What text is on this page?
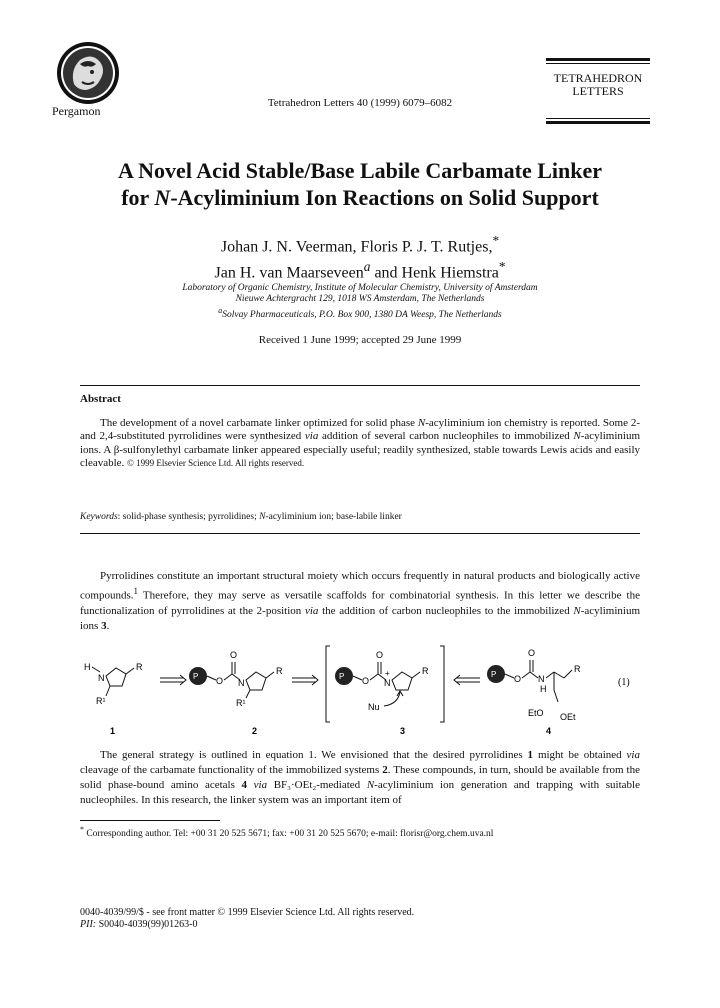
Pergamon
Tetrahedron Letters 40 (1999) 6079–6082
TETRAHEDRON
LETTERS
A Novel Acid Stable/Base Labile Carbamate Linker
for N-Acyliminium Ion Reactions on Solid Support
Johan J. N. Veerman, Floris P. J. T. Rutjes,*
Jan H. van Maarseveen$^a$ and Henk Hiemstra*
Laboratory of Organic Chemistry, Institute of Molecular Chemistry, University of Amsterdam
Nieuwe Achtergracht 129, 1018 WS Amsterdam, The Netherlands
$^a$Solvay Pharmaceuticals, P.O. Box 900, 1380 DA Weesp, The Netherlands
Received 1 June 1999; accepted 29 June 1999
Abstract
The development of a novel carbamate linker optimized for solid phase N-acyliminium ion chemistry is reported. Some 2- and 2,4-substituted pyrrolidines were synthesized via addition of several carbon nucleophiles to immobilized N-acyliminium ions. A β-sulfonylethyl carbamate linker appeared especially useful; readily synthesized, stable towards Lewis acids and easily cleavable. © 1999 Elsevier Science Ltd. All rights reserved.
Keywords: solid-phase synthesis; pyrrolidines; N-acyliminium ion; base-labile linker
Pyrrolidines constitute an important structural moiety which occurs frequently in natural products and biologically active compounds.$^1$ Therefore, they may serve as versatile scaffolds for combinatorial synthesis. In this letter we describe the functionalization of pyrrolidines at the 2-position via the addition of carbon nucleophiles to the immobilized N-acyliminium ions 3.
H
N
R
R¹
1
P O
O
N
R
R¹
2
P O
O
+
N
R
Nu
3
P O
O
N
H
R
EtO OEt
4
(1)
The general strategy is outlined in equation 1. We envisioned that the desired pyrrolidines 1 might be obtained via cleavage of the carbamate functionality of the immobilized systems 2. These compounds, in turn, should be available from the solid phase-bound amino acetals 4 via BF₃·OEt₂-mediated N-acyliminium ion generation and trapping with suitable nucleophiles. In this research, the linker system was an important item of
* Corresponding author. Tel: +00 31 20 525 5671; fax: +00 31 20 525 5670; e-mail: florisr@org.chem.uva.nl
0040-4039/99/$ - see front matter © 1999 Elsevier Science Ltd. All rights reserved.
PII: S0040-4039(99)01263-0
